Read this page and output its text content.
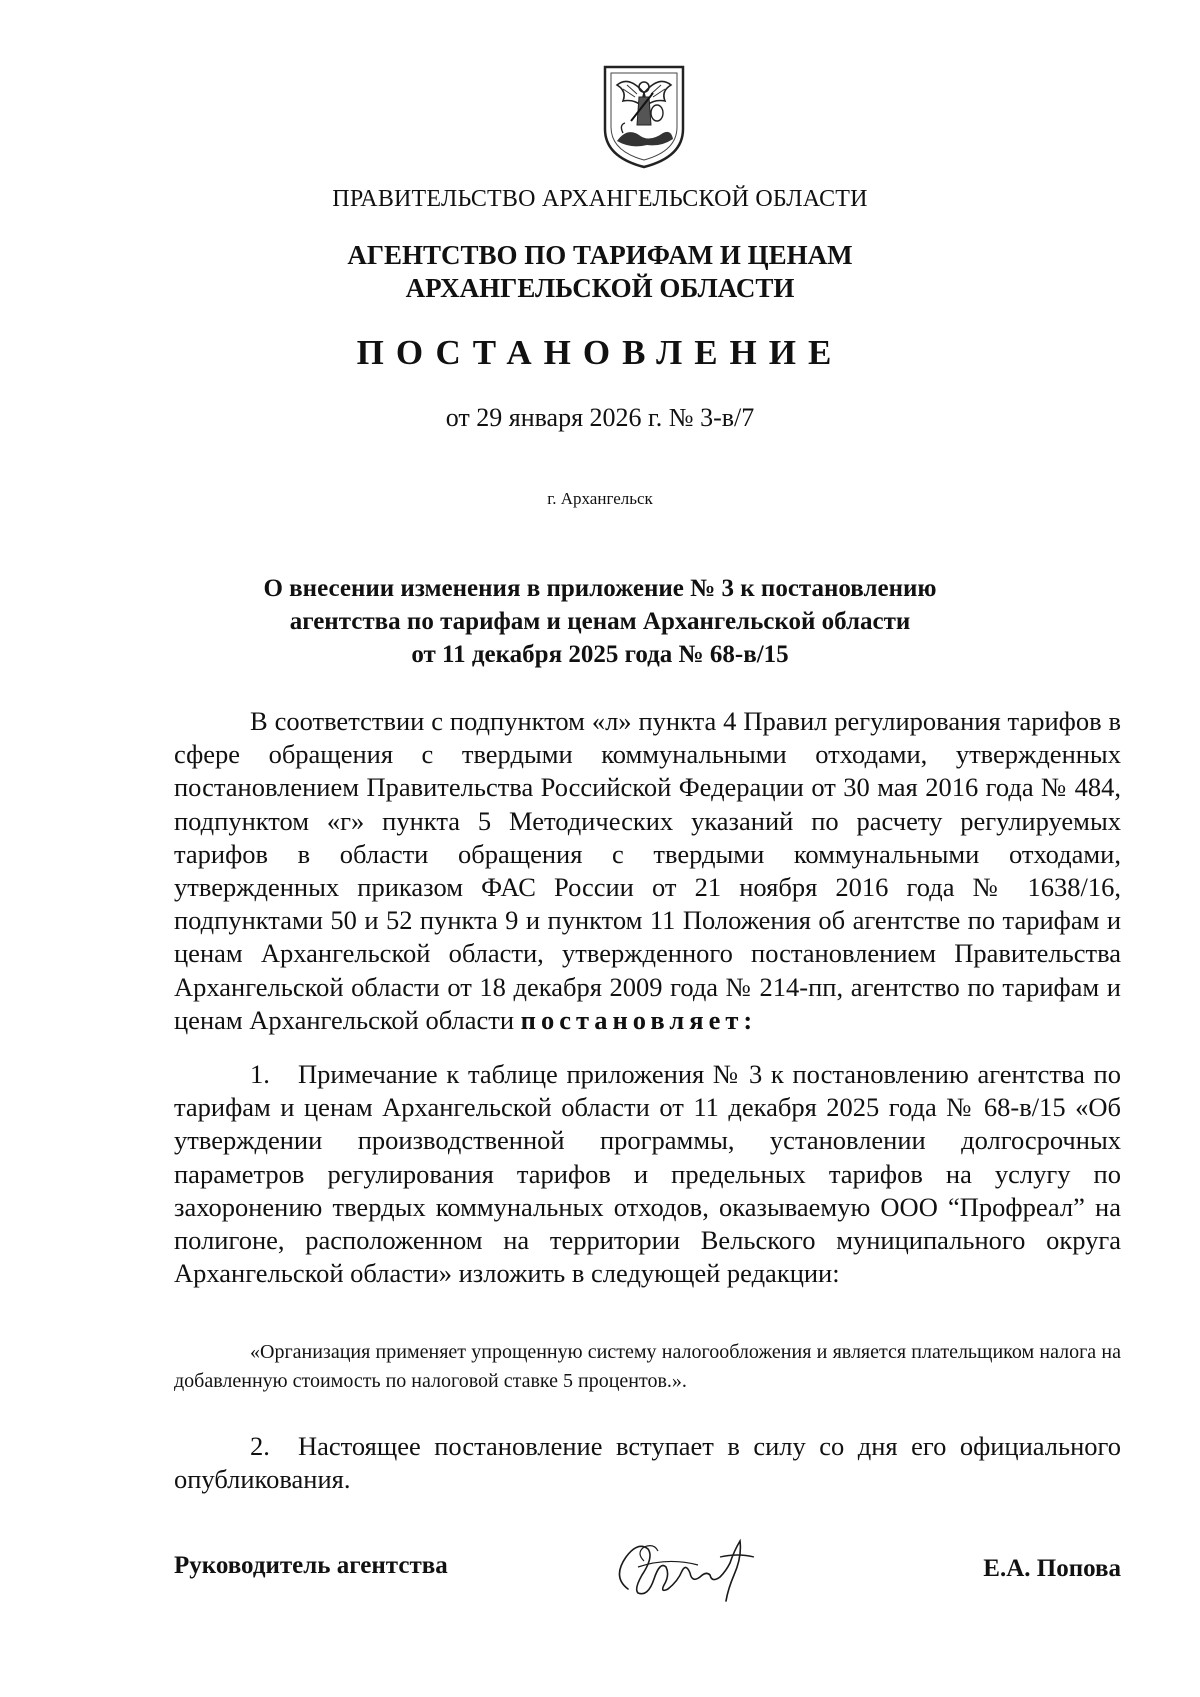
ПРАВИТЕЛЬСТВО АРХАНГЕЛЬСКОЙ ОБЛАСТИ
АГЕНТСТВО ПО ТАРИФАМ И ЦЕНАМ
АРХАНГЕЛЬСКОЙ ОБЛАСТИ
ПОСТАНОВЛЕНИЕ
от 29 января 2026 г. № 3-в/7
г. Архангельск
О внесении изменения в приложение № 3 к постановлению
агентства по тарифам и ценам Архангельской области
от 11 декабря 2025 года № 68-в/15

В соответствии с подпунктом «л» пункта 4 Правил регулирования тарифов в сфере обращения с твердыми коммунальными отходами, утвержденных постановлением Правительства Российской Федерации от 30 мая 2016 года № 484, подпунктом «г» пункта 5 Методических указаний по расчету регулируемых тарифов в области обращения с твердыми коммунальными отходами, утвержденных приказом ФАС России от 21 ноября 2016 года № 1638/16, подпунктами 50 и 52 пункта 9 и пунктом 11 Положения об агентстве по тарифам и ценам Архангельской области, утвержденного постановлением Правительства Архангельской области от 18 декабря 2009 года № 214-пп, агентство по тарифам и ценам Архангельской области постановляет:

1. Примечание к таблице приложения № 3 к постановлению агентства по тарифам и ценам Архангельской области от 11 декабря 2025 года № 68-в/15 «Об утверждении производственной программы, установлении долгосрочных параметров регулирования тарифов и предельных тарифов на услугу по захоронению твердых коммунальных отходов, оказываемую ООО “Профреал” на полигоне, расположенном на территории Вельского муниципального округа Архангельской области» изложить в следующей редакции:

«Организация применяет упрощенную систему налогообложения и является плательщиком налога на добавленную стоимость по налоговой ставке 5 процентов.».

2. Настоящее постановление вступает в силу со дня его официального опубликования.

Руководитель агентства	Е.А. Попова
